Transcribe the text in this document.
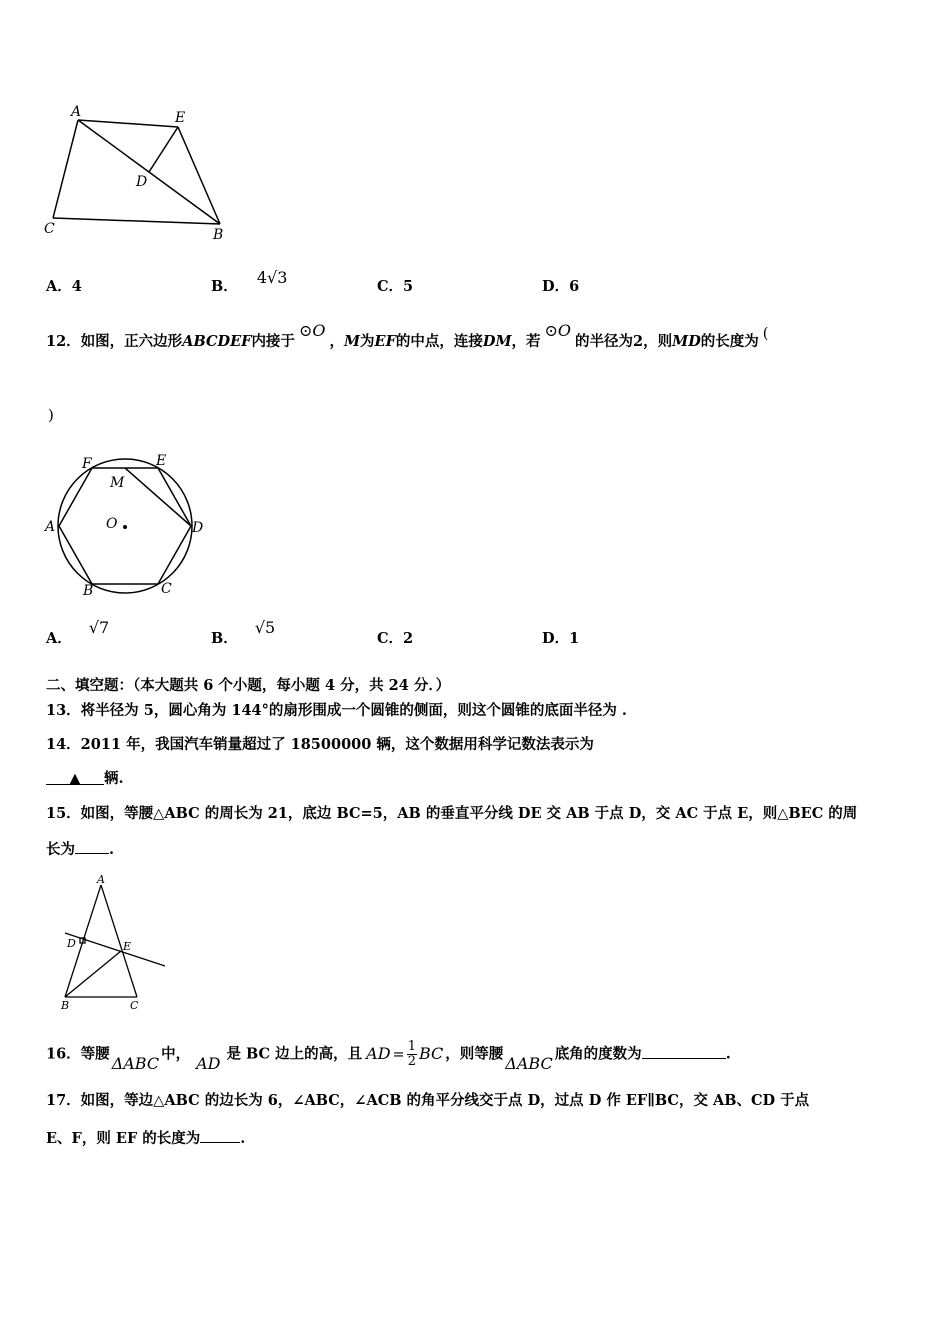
A	E
D
C	B
A．4	B． 4√3	C．5	D．6
12．如图，正六边形ABCDEF内接于⊙O，M为EF的中点，连接DM，若⊙O的半径为2，则MD的长度为 (
)
F	E
M
A	O	D
B	C
A． √7
B． √5
C．2	D．1
二、填空题：（本大题共 6 个小题，每小题 4 分，共 24 分．）
13．将半径为 5，圆心角为 144°的扇形围成一个圆锥的侧面，则这个圆锥的底面半径为 .
14．2011 年，我国汽车销量超过了 18500000 辆，这个数据用科学记数法表示为
▲ 辆.
15．如图，等腰△ABC 的周长为 21，底边 BC=5，AB 的垂直平分线 DE 交 AB 于点 D，交 AC 于点 E，则△BEC 的周
长为 .
A
D	E
B	C
16．等腰 ΔABC 中， AD 是 BC 边上的高，且 AD = $\frac{1}{2}$ BC ，则等腰 ΔABC 底角的度数为	.
17．如图，等边△ABC 的边长为 6，∠ABC，∠ACB 的角平分线交于点 D，过点 D 作 EF∥BC，交 AB、CD 于点
E、F，则 EF 的长度为	.
